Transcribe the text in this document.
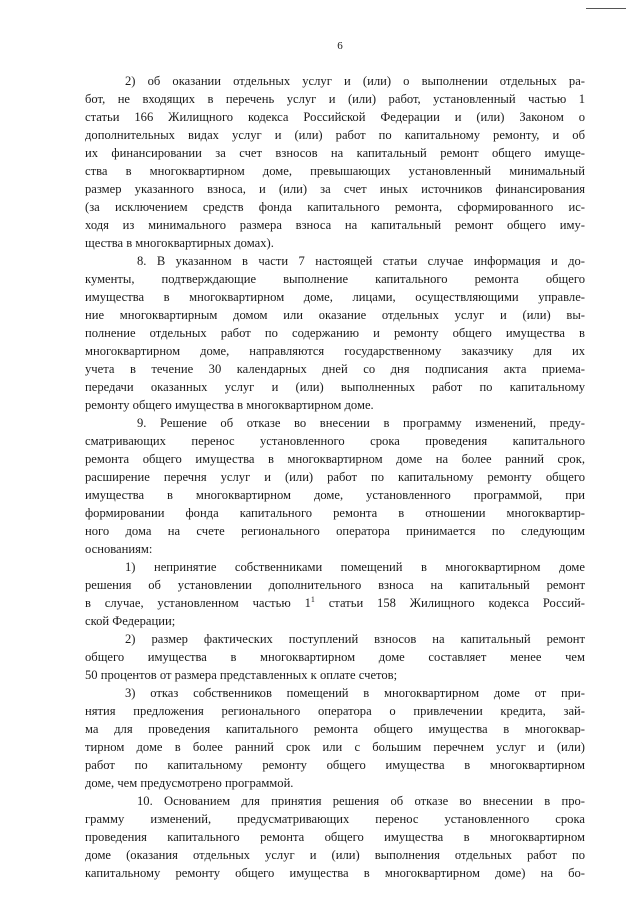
6
2) об оказании отдельных услуг и (или) о выполнении отдельных ра-
бот, не входящих в перечень услуг и (или) работ, установленный частью 1
статьи 166 Жилищного кодекса Российской Федерации и (или) Законом о
дополнительных видах услуг и (или) работ по капитальному ремонту, и об
их финансировании за счет взносов на капитальный ремонт общего имуще-
ства в многоквартирном доме, превышающих установленный минимальный
размер указанного взноса, и (или) за счет иных источников финансирования
(за исключением средств фонда капитального ремонта, сформированного ис-
ходя из минимального размера взноса на капитальный ремонт общего иму-
щества в многоквартирных домах).
8. В указанном в части 7 настоящей статьи случае информация и до-
кументы, подтверждающие выполнение капитального ремонта общего
имущества в многоквартирном доме, лицами, осуществляющими управле-
ние многоквартирным домом или оказание отдельных услуг и (или) вы-
полнение отдельных работ по содержанию и ремонту общего имущества в
многоквартирном доме, направляются государственному заказчику для их
учета в течение 30 календарных дней со дня подписания акта приема-
передачи оказанных услуг и (или) выполненных работ по капитальному
ремонту общего имущества в многоквартирном доме.
9. Решение об отказе во внесении в программу изменений, преду-
сматривающих перенос установленного срока проведения капитального
ремонта общего имущества в многоквартирном доме на более ранний срок,
расширение перечня услуг и (или) работ по капитальному ремонту общего
имущества в многоквартирном доме, установленного программой, при
формировании фонда капитального ремонта в отношении многоквартир-
ного дома на счете регионального оператора принимается по следующим
основаниям:
1) непринятие собственниками помещений в многоквартирном доме
решения об установлении дополнительного взноса на капитальный ремонт
в случае, установленном частью $1^1$ статьи 158 Жилищного кодекса Россий-
ской Федерации;
2) размер фактических поступлений взносов на капитальный ремонт
общего имущества в многоквартирном доме составляет менее чем
50 процентов от размера представленных к оплате счетов;
3) отказ собственников помещений в многоквартирном доме от при-
нятия предложения регионального оператора о привлечении кредита, зай-
ма для проведения капитального ремонта общего имущества в многоквар-
тирном доме в более ранний срок или с большим перечнем услуг и (или)
работ по капитальному ремонту общего имущества в многоквартирном
доме, чем предусмотрено программой.
10. Основанием для принятия решения об отказе во внесении в про-
грамму изменений, предусматривающих перенос установленного срока
проведения капитального ремонта общего имущества в многоквартирном
доме (оказания отдельных услуг и (или) выполнения отдельных работ по
капитальному ремонту общего имущества в многоквартирном доме) на бо-
